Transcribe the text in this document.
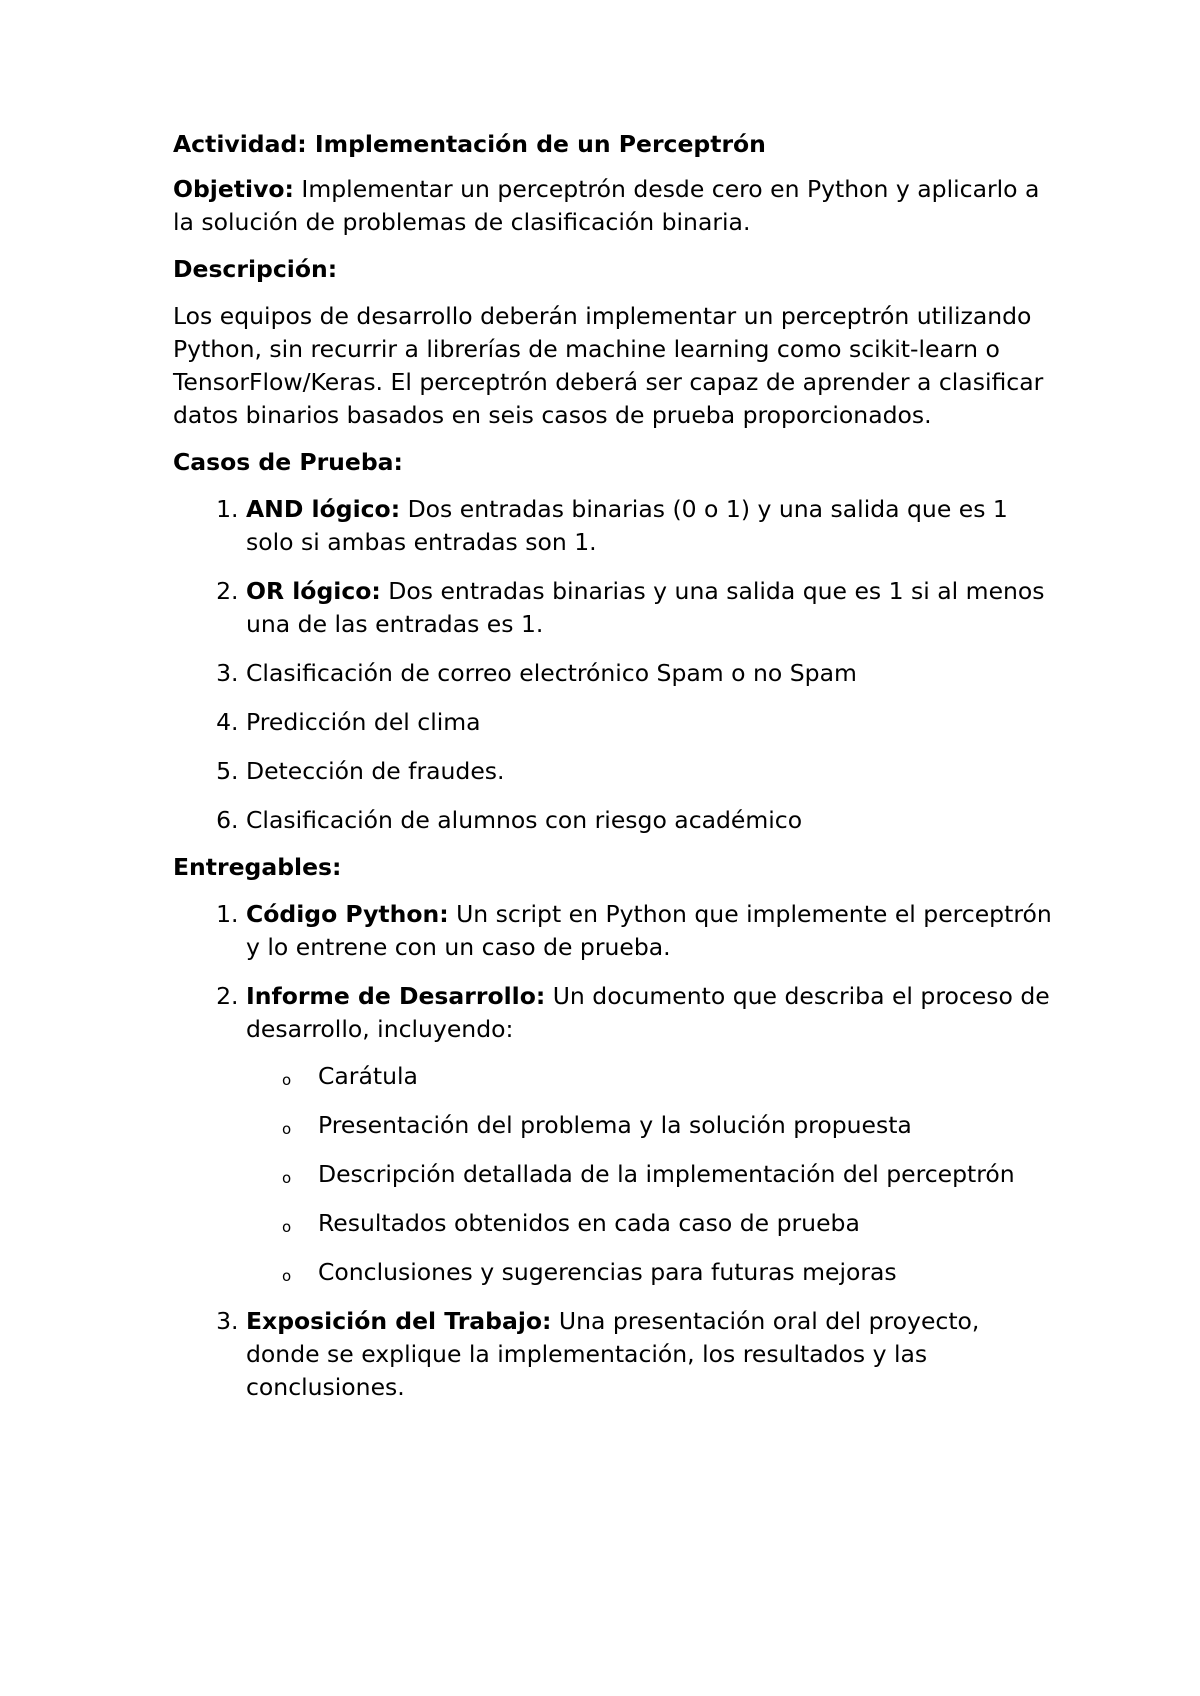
Actividad: Implementación de un Perceptrón

Objetivo: Implementar un perceptrón desde cero en Python y aplicarlo a la solución de problemas de clasificación binaria.

Descripción:

Los equipos de desarrollo deberán implementar un perceptrón utilizando Python, sin recurrir a librerías de machine learning como scikit-learn o TensorFlow/Keras. El perceptrón deberá ser capaz de aprender a clasificar datos binarios basados en seis casos de prueba proporcionados.

Casos de Prueba:

1. AND lógico: Dos entradas binarias (0 o 1) y una salida que es 1 solo si ambas entradas son 1.
2. OR lógico: Dos entradas binarias y una salida que es 1 si al menos una de las entradas es 1.
3. Clasificación de correo electrónico Spam o no Spam
4. Predicción del clima
5. Detección de fraudes.
6. Clasificación de alumnos con riesgo académico

Entregables:

1. Código Python: Un script en Python que implemente el perceptrón y lo entrene con un caso de prueba.
2. Informe de Desarrollo: Un documento que describa el proceso de desarrollo, incluyendo:
o Carátula
o Presentación del problema y la solución propuesta
o Descripción detallada de la implementación del perceptrón
o Resultados obtenidos en cada caso de prueba
o Conclusiones y sugerencias para futuras mejoras
3. Exposición del Trabajo: Una presentación oral del proyecto, donde se explique la implementación, los resultados y las conclusiones.
